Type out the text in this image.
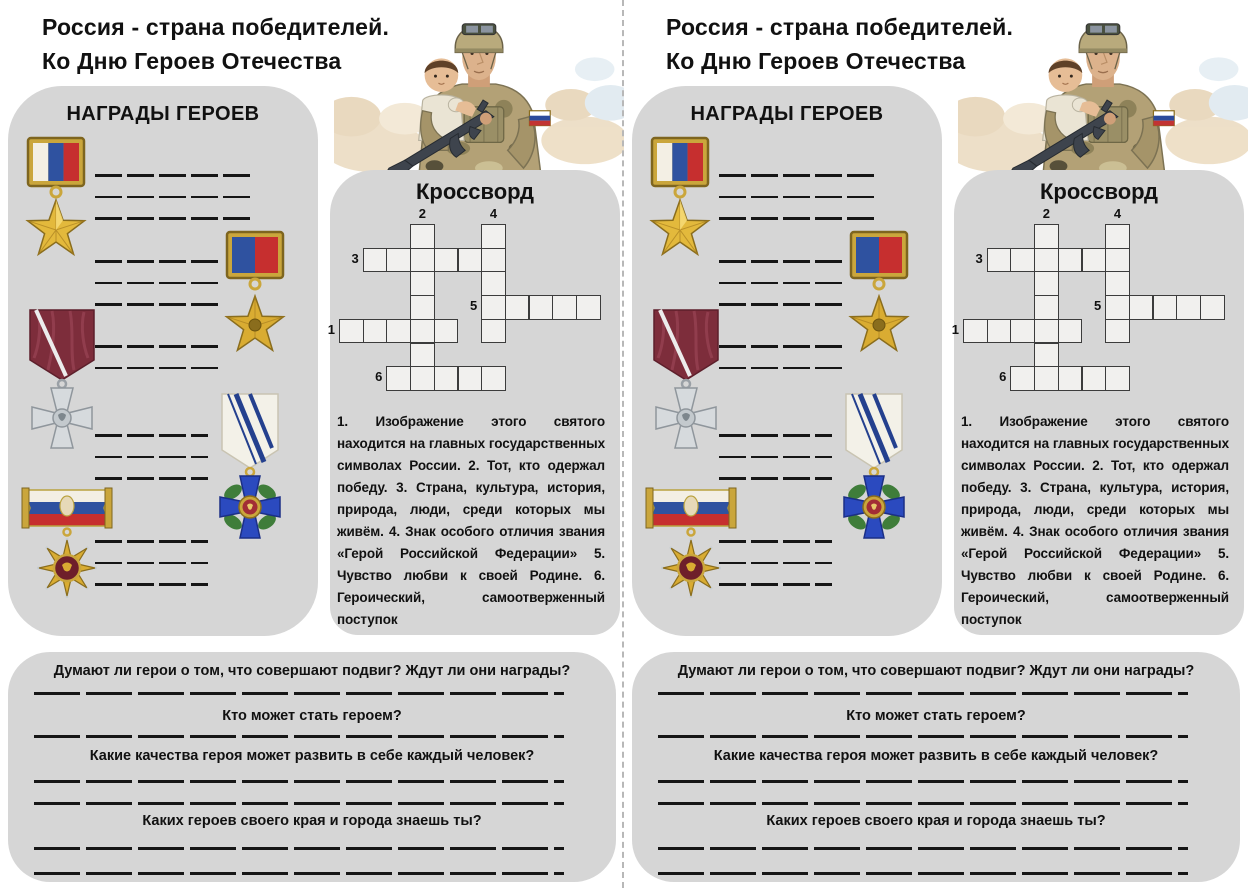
Россия - страна победителей.
Ко Дню Героев Отечества
НАГРАДЫ ГЕРОЕВ
Кроссворд
1
2
3
4
5
6
1. Изображение этого святого находится на главных государственных символах России. 2. Тот, кто одержал победу. 3. Страна, культура, история, природа, люди, среди которых мы живём. 4. Знак особого отличия звания «Герой Российской Федерации» 5. Чувство любви к своей Родине. 6. Героический, самоотверженный поступок
Думают ли герои о том, что совершают подвиг? Ждут ли они награды?
Кто может стать героем?
Какие качества героя может развить в себе каждый человек?
Каких героев своего края и города знаешь ты?
Россия - страна победителей.
Ко Дню Героев Отечества
НАГРАДЫ ГЕРОЕВ
Кроссворд
1
2
3
4
5
6
1. Изображение этого святого находится на главных государственных символах России. 2. Тот, кто одержал победу. 3. Страна, культура, история, природа, люди, среди которых мы живём. 4. Знак особого отличия звания «Герой Российской Федерации» 5. Чувство любви к своей Родине. 6. Героический, самоотверженный поступок
Думают ли герои о том, что совершают подвиг? Ждут ли они награды?
Кто может стать героем?
Какие качества героя может развить в себе каждый человек?
Каких героев своего края и города знаешь ты?
